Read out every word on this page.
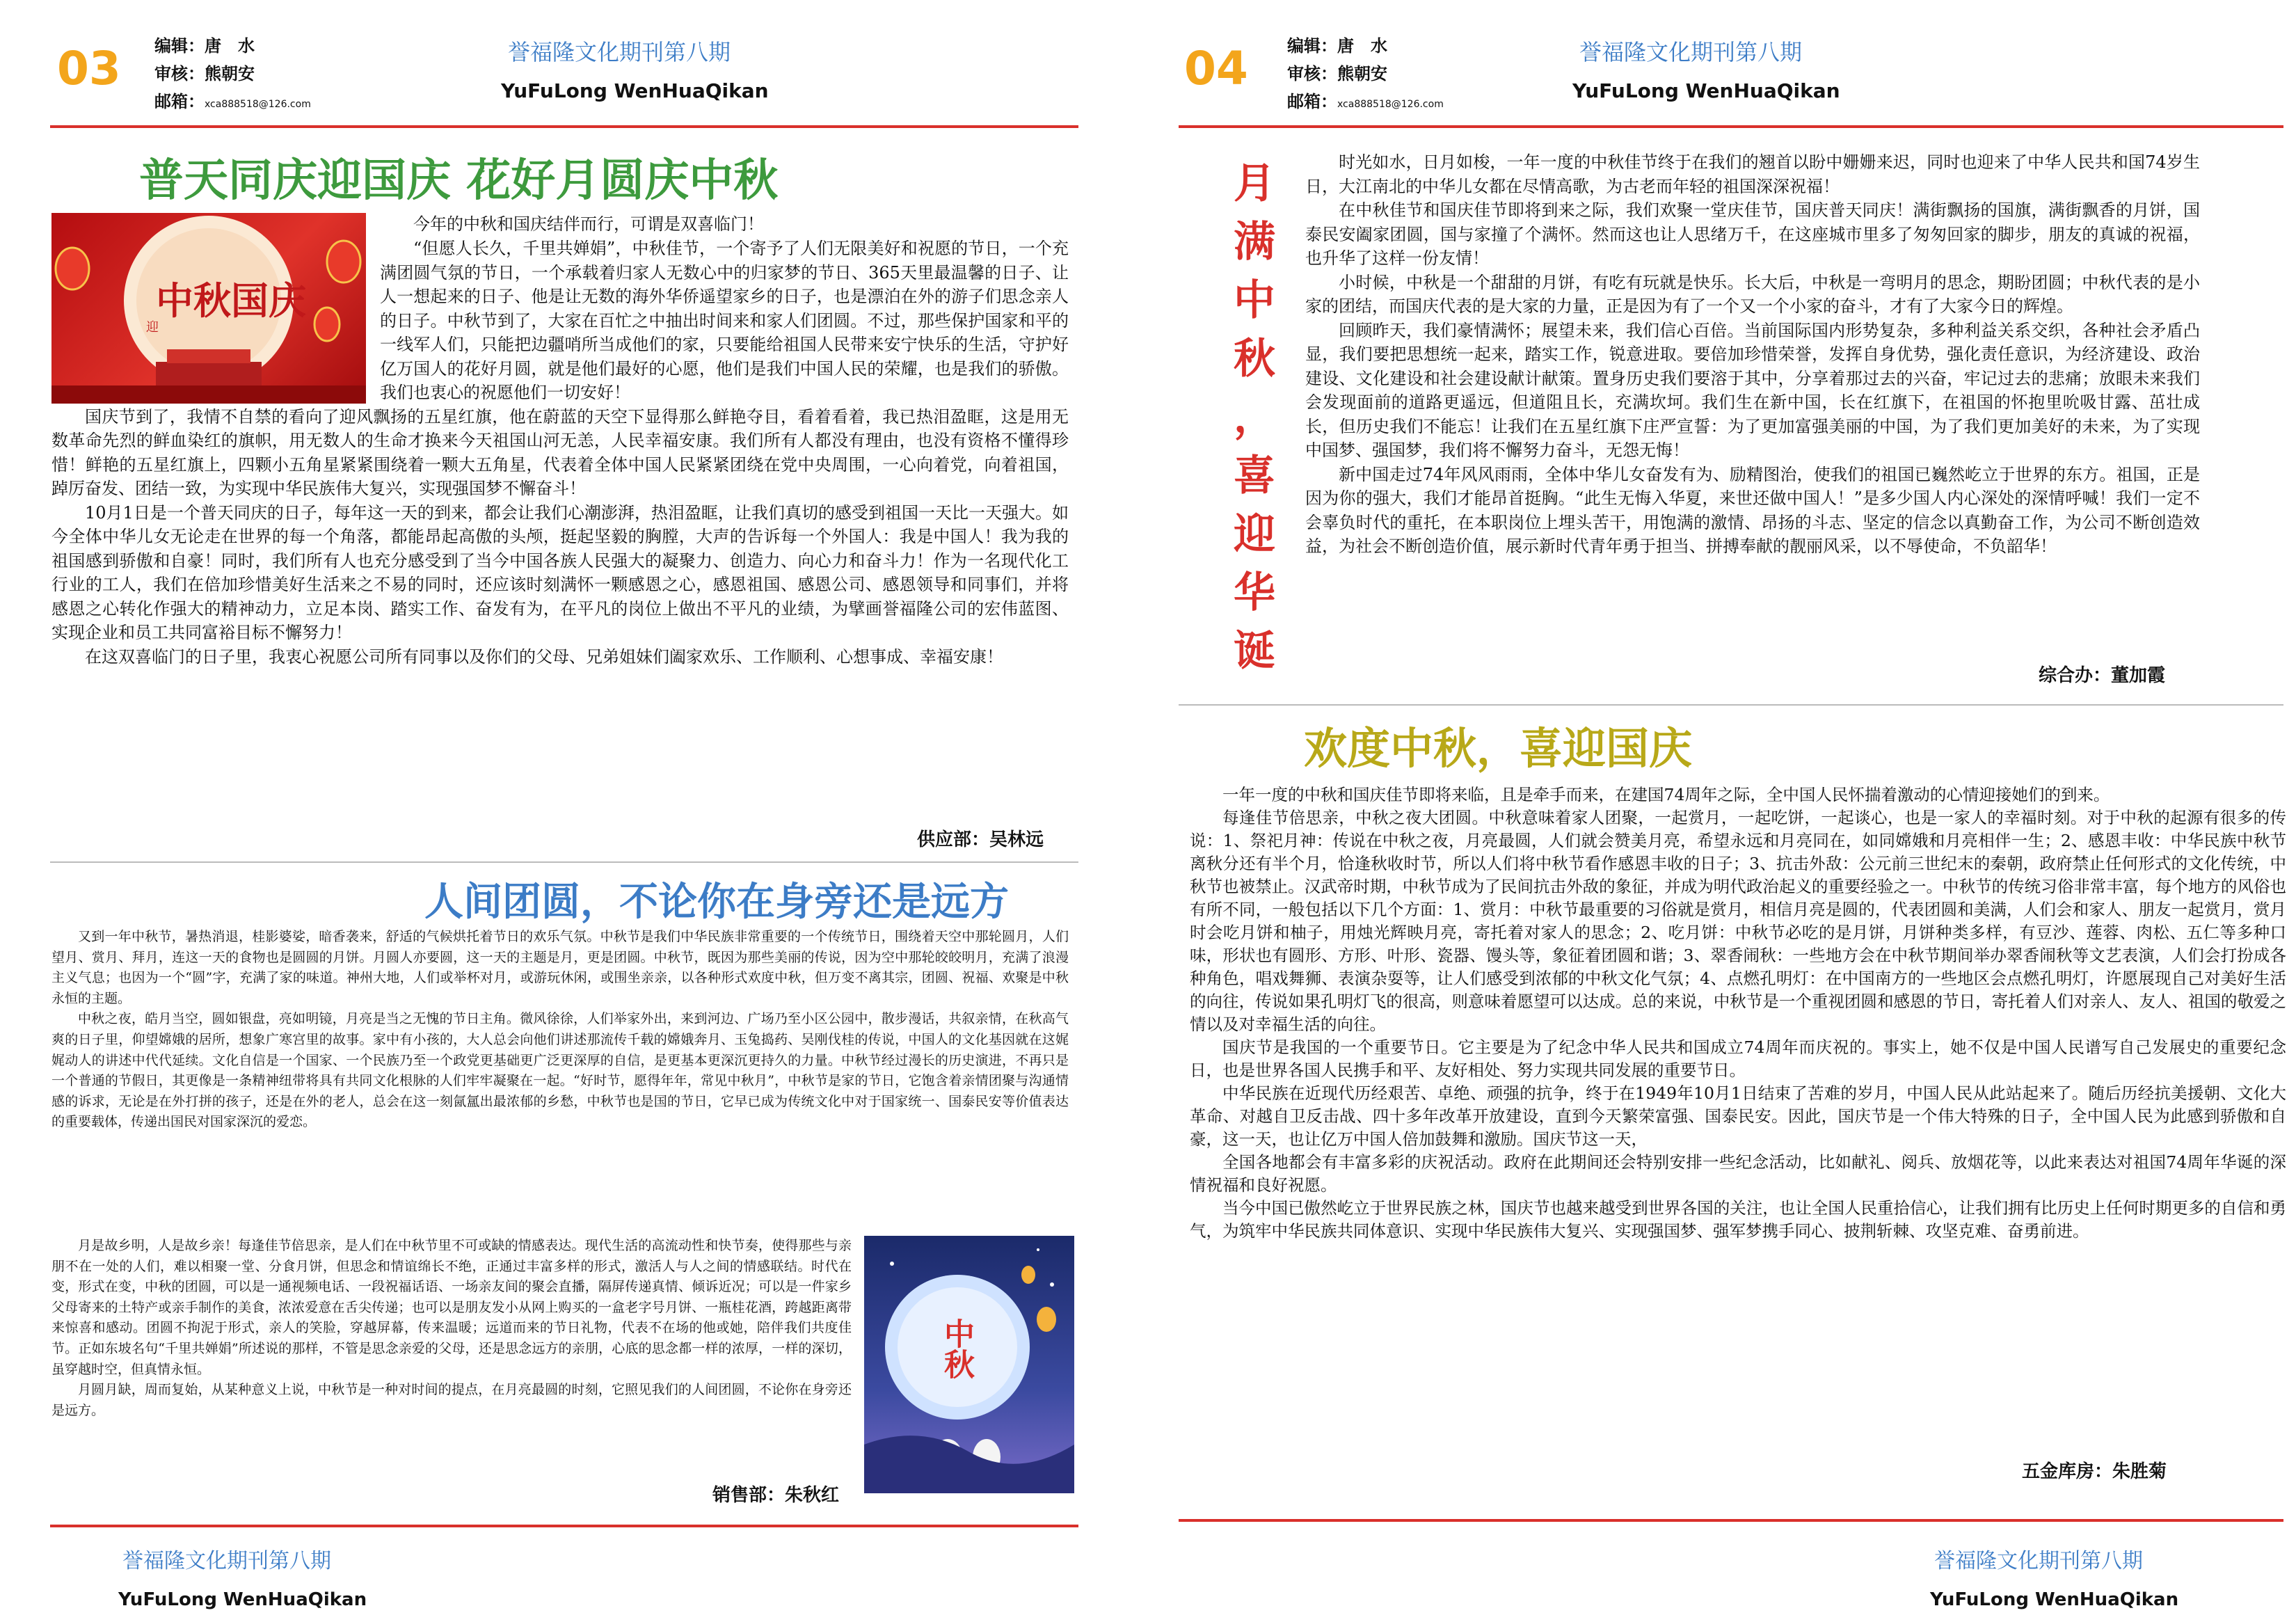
03 编辑：唐　水
审核：熊朝安
邮箱：xca888518@126.com
誉福隆文化期刊第八期
YuFuLong WenHuaQikan
普天同庆迎国庆 花好月圆庆中秋
中秋国庆
迎

今年的中秋和国庆结伴而行，可谓是双喜临门！

“但愿人长久，千里共婵娟”，中秋佳节，一个寄予了人们无限美好和祝愿的节日，一个充满团圆气氛的节日，一个承载着归家人无数心中的归家梦的节日、365天里最温馨的日子、让人一想起来的日子、他是让无数的海外华侨遥望家乡的日子，也是漂泊在外的游子们思念亲人的日子。中秋节到了，大家在百忙之中抽出时间来和家人们团圆。不过，那些保护国家和平的一线军人们，只能把边疆哨所当成他们的家，只要能给祖国人民带来安宁快乐的生活，守护好亿万国人的花好月圆，就是他们最好的心愿，他们是我们中国人民的荣耀，也是我们的骄傲。我们也衷心的祝愿他们一切安好！

国庆节到了，我情不自禁的看向了迎风飘扬的五星红旗，他在蔚蓝的天空下显得那么鲜艳夺目，看着看着，我已热泪盈眶，这是用无数革命先烈的鲜血染红的旗帜，用无数人的生命才换来今天祖国山河无恙，人民幸福安康。我们所有人都没有理由，也没有资格不懂得珍惜！鲜艳的五星红旗上，四颗小五角星紧紧围绕着一颗大五角星，代表着全体中国人民紧紧团绕在党中央周围，一心向着党，向着祖国，踔厉奋发、团结一致，为实现中华民族伟大复兴，实现强国梦不懈奋斗！

10月1日是一个普天同庆的日子，每年这一天的到来，都会让我们心潮澎湃，热泪盈眶，让我们真切的感受到祖国一天比一天强大。如今全体中华儿女无论走在世界的每一个角落，都能昂起高傲的头颅，挺起坚毅的胸膛，大声的告诉每一个外国人：我是中国人！我为我的祖国感到骄傲和自豪！同时，我们所有人也充分感受到了当今中国各族人民强大的凝聚力、创造力、向心力和奋斗力！作为一名现代化工行业的工人，我们在倍加珍惜美好生活来之不易的同时，还应该时刻满怀一颗感恩之心，感恩祖国、感恩公司、感恩领导和同事们，并将感恩之心转化作强大的精神动力，立足本岗、踏实工作、奋发有为，在平凡的岗位上做出不平凡的业绩，为擘画誉福隆公司的宏伟蓝图、实现企业和员工共同富裕目标不懈努力！

在这双喜临门的日子里，我衷心祝愿公司所有同事以及你们的父母、兄弟姐妹们阖家欢乐、工作顺利、心想事成、幸福安康！

供应部：吴林远
人间团圆，不论你在身旁还是远方

又到一年中秋节，暑热消退，桂影婆娑，暗香袭来，舒适的气候烘托着节日的欢乐气氛。中秋节是我们中华民族非常重要的一个传统节日，围绕着天空中那轮圆月，人们望月、赏月、拜月，连这一天的食物也是圆圆的月饼。月圆人亦要圆，这一天的主题是月，更是团圆。中秋节，既因为那些美丽的传说，因为空中那轮皎皎明月，充满了浪漫主义气息；也因为一个“圆”字，充满了家的味道。神州大地，人们或举杯对月，或游玩休闲，或围坐亲亲，以各种形式欢度中秋，但万变不离其宗，团圆、祝福、欢聚是中秋永恒的主题。

中秋之夜，皓月当空，圆如银盘，亮如明镜，月亮是当之无愧的节日主角。微风徐徐，人们举家外出，来到河边、广场乃至小区公园中，散步漫话，共叙亲情，在秋高气爽的日子里，仰望嫦娥的居所，想象广寒宫里的故事。家中有小孩的，大人总会向他们讲述那流传千载的嫦娥奔月、玉兔捣药、吴刚伐桂的传说，中国人的文化基因就在这娓娓动人的讲述中代代延续。文化自信是一个国家、一个民族乃至一个政党更基础更广泛更深厚的自信，是更基本更深沉更持久的力量。中秋节经过漫长的历史演进，不再只是一个普通的节假日，其更像是一条精神纽带将具有共同文化根脉的人们牢牢凝聚在一起。“好时节，愿得年年，常见中秋月”，中秋节是家的节日，它饱含着亲情团聚与沟通情感的诉求，无论是在外打拼的孩子，还是在外的老人，总会在这一刻氤氲出最浓郁的乡愁，中秋节也是国的节日，它早已成为传统文化中对于国家统一、国泰民安等价值表达的重要载体，传递出国民对国家深沉的爱恋。

月是故乡明，人是故乡亲！每逢佳节倍思亲，是人们在中秋节里不可或缺的情感表达。现代生活的高流动性和快节奏，使得那些与亲朋不在一处的人们，难以相聚一堂、分食月饼，但思念和情谊绵长不绝，正通过丰富多样的形式，激活人与人之间的情感联结。时代在变，形式在变，中秋的团圆，可以是一通视频电话、一段祝福话语、一场亲友间的聚会直播，隔屏传递真情、倾诉近况；可以是一件家乡父母寄来的土特产或亲手制作的美食，浓浓爱意在舌尖传递；也可以是朋友发小从网上购买的一盒老字号月饼、一瓶桂花酒，跨越距离带来惊喜和感动。团圆不拘泥于形式，亲人的笑脸，穿越屏幕，传来温暖；远道而来的节日礼物，代表不在场的他或她，陪伴我们共度佳节。正如东坡名句“千里共婵娟”所述说的那样，不管是思念亲爱的父母，还是思念远方的亲朋，心底的思念都一样的浓厚，一样的深切，虽穿越时空，但真情永恒。

月圆月缺，周而复始，从某种意义上说，中秋节是一种对时间的提点，在月亮最圆的时刻，它照见我们的人间团圆，不论你在身旁还是远方。

中秋
销售部：朱秋红
誉福隆文化期刊第八期
YuFuLong WenHuaQikan
04 编辑：唐　水
审核：熊朝安
邮箱：xca888518@126.com
誉福隆文化期刊第八期
YuFuLong WenHuaQikan
月
满
中
秋
，
喜
迎
华
诞

时光如水，日月如梭，一年一度的中秋佳节终于在我们的翘首以盼中姗姗来迟，同时也迎来了中华人民共和国74岁生日，大江南北的中华儿女都在尽情高歌，为古老而年轻的祖国深深祝福！

在中秋佳节和国庆佳节即将到来之际，我们欢聚一堂庆佳节，国庆普天同庆！满街飘扬的国旗，满街飘香的月饼，国泰民安阖家团圆，国与家撞了个满怀。然而这也让人思绪万千，在这座城市里多了匆匆回家的脚步，朋友的真诚的祝福，也升华了这样一份友情！

小时候，中秋是一个甜甜的月饼，有吃有玩就是快乐。长大后，中秋是一弯明月的思念，期盼团圆；中秋代表的是小家的团结，而国庆代表的是大家的力量，正是因为有了一个又一个小家的奋斗，才有了大家今日的辉煌。

回顾昨天，我们豪情满怀；展望未来，我们信心百倍。当前国际国内形势复杂，多种利益关系交织，各种社会矛盾凸显，我们要把思想统一起来，踏实工作，锐意进取。要倍加珍惜荣誉，发挥自身优势，强化责任意识，为经济建设、政治建设、文化建设和社会建设献计献策。置身历史我们要溶于其中，分享着那过去的兴奋，牢记过去的悲痛；放眼未来我们会发现面前的道路更遥远，但道阻且长，充满坎坷。我们生在新中国，长在红旗下，在祖国的怀抱里吮吸甘露、茁壮成长，但历史我们不能忘！让我们在五星红旗下庄严宣誓：为了更加富强美丽的中国，为了我们更加美好的未来，为了实现中国梦、强国梦，我们将不懈努力奋斗，无怨无悔！

新中国走过74年风风雨雨，全体中华儿女奋发有为、励精图治，使我们的祖国已巍然屹立于世界的东方。祖国，正是因为你的强大，我们才能昂首挺胸。“此生无悔入华夏，来世还做中国人！”是多少国人内心深处的深情呼喊！我们一定不会辜负时代的重托，在本职岗位上埋头苦干，用饱满的激情、昂扬的斗志、坚定的信念以真勤奋工作，为公司不断创造效益，为社会不断创造价值，展示新时代青年勇于担当、拼搏奉献的靓丽风采，以不辱使命，不负韶华！

综合办：董加霞
欢度中秋，喜迎国庆

一年一度的中秋和国庆佳节即将来临，且是牵手而来，在建国74周年之际，全中国人民怀揣着激动的心情迎接她们的到来。

每逢佳节倍思亲，中秋之夜大团圆。中秋意味着家人团聚，一起赏月，一起吃饼，一起谈心，也是一家人的幸福时刻。对于中秋的起源有很多的传说：1、祭祀月神：传说在中秋之夜，月亮最圆，人们就会赞美月亮，希望永远和月亮同在，如同嫦娥和月亮相伴一生；2、感恩丰收：中华民族中秋节离秋分还有半个月，恰逢秋收时节，所以人们将中秋节看作感恩丰收的日子；3、抗击外敌：公元前三世纪末的秦朝，政府禁止任何形式的文化传统，中秋节也被禁止。汉武帝时期，中秋节成为了民间抗击外敌的象征，并成为明代政治起义的重要经验之一。中秋节的传统习俗非常丰富，每个地方的风俗也有所不同，一般包括以下几个方面：1、赏月：中秋节最重要的习俗就是赏月，相信月亮是圆的，代表团圆和美满，人们会和家人、朋友一起赏月，赏月时会吃月饼和柚子，用烛光辉映月亮，寄托着对家人的思念；2、吃月饼：中秋节必吃的是月饼，月饼种类多样，有豆沙、莲蓉、肉松、五仁等多种口味，形状也有圆形、方形、叶形、瓷器、馒头等，象征着团圆和谐；3、翠香闹秋：一些地方会在中秋节期间举办翠香闹秋等文艺表演，人们会打扮成各种角色，唱戏舞狮、表演杂耍等，让人们感受到浓郁的中秋文化气氛；4、点燃孔明灯：在中国南方的一些地区会点燃孔明灯，许愿展现自己对美好生活的向往，传说如果孔明灯飞的很高，则意味着愿望可以达成。总的来说，中秋节是一个重视团圆和感恩的节日，寄托着人们对亲人、友人、祖国的敬爱之情以及对幸福生活的向往。

国庆节是我国的一个重要节日。它主要是为了纪念中华人民共和国成立74周年而庆祝的。事实上，她不仅是中国人民谱写自己发展史的重要纪念日，也是世界各国人民携手和平、友好相处、努力实现共同发展的重要节日。

中华民族在近现代历经艰苦、卓绝、顽强的抗争，终于在1949年10月1日结束了苦难的岁月，中国人民从此站起来了。随后历经抗美援朝、文化大革命、对越自卫反击战、四十多年改革开放建设，直到今天繁荣富强、国泰民安。因此，国庆节是一个伟大特殊的日子，全中国人民为此感到骄傲和自豪，这一天，也让亿万中国人倍加鼓舞和激励。国庆节这一天，

全国各地都会有丰富多彩的庆祝活动。政府在此期间还会特别安排一些纪念活动，比如献礼、阅兵、放烟花等，以此来表达对祖国74周年华诞的深情祝福和良好祝愿。

当今中国已傲然屹立于世界民族之林，国庆节也越来越受到世界各国的关注，也让全国人民重拾信心，让我们拥有比历史上任何时期更多的自信和勇气，为筑牢中华民族共同体意识、实现中华民族伟大复兴、实现强国梦、强军梦携手同心、披荆斩棘、攻坚克难、奋勇前进。

五金库房：朱胜菊
誉福隆文化期刊第八期
YuFuLong WenHuaQikan
